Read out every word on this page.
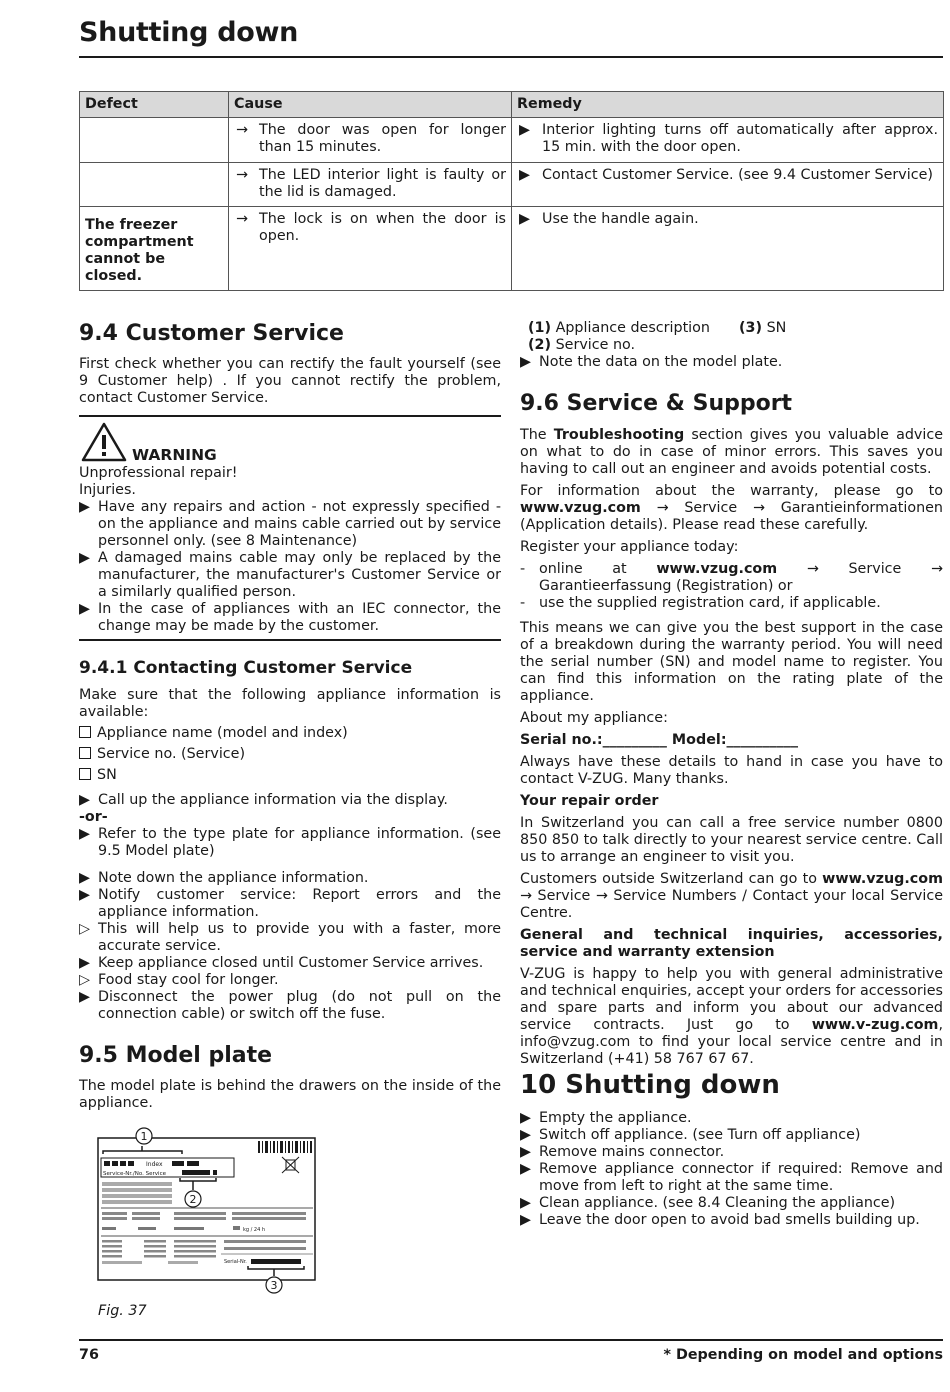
Shutting down
Defect	Cause	Remedy

	→ The door was open for longer than 15 minutes.	▶ Interior lighting turns off automatically after approx. 15 min. with the door open.

	→ The LED interior light is faulty or the lid is damaged.	▶ Contact Customer Service. (see 9.4 Customer Service)

The freezer compartment cannot be closed.	→ The lock is on when the door is open.	▶ Use the handle again.
9.4 Customer Service

First check whether you can rectify the fault yourself (see 9 Customer help) . If you cannot rectify the problem, contact Customer Service.

WARNING
Unprofessional repair!
Injuries.
▶ Have any repairs and action - not expressly specified - on the appliance and mains cable carried out by service personnel only. (see 8 Maintenance)
▶ A damaged mains cable may only be replaced by the manufacturer, the manufacturer's Customer Service or a similarly qualified person.
▶ In the case of appliances with an IEC connector, the change may be made by the customer.
9.4.1 Contacting Customer Service

Make sure that the following appliance information is available:

Appliance name (model and index)
Service no. (Service)
SN
▶ Call up the appliance information via the display.
-or-
▶ Refer to the type plate for appliance information. (see 9.5 Model plate)
▶ Note down the appliance information.
▶ Notify customer service: Report errors and the appliance information.
▷ This will help us to provide you with a faster, more accurate service.
▶ Keep appliance closed until Customer Service arrives.
▷ Food stay cool for longer.
▶ Disconnect the power plug (do not pull on the connection cable) or switch off the fuse.
9.5 Model plate

The model plate is behind the drawers on the inside of the appliance.

Index
Service-Nr./No. Service
kg / 24 h
Serial-Nr.
1
2
3
Fig. 37
(1) Appliance description (3) SN
(2) Service no.
▶ Note the data on the model plate.
9.6 Service & Support

The Troubleshooting section gives you valuable advice on what to do in case of minor errors. This saves you having to call out an engineer and avoids potential costs.

For information about the warranty, please go to www.vzug.com → Service → Garantieinformationen (Application details). Please read these carefully.

Register your appliance today:

- online at www.vzug.com → Service → Garantieerfassung (Registration) or
- use the supplied registration card, if applicable.

This means we can give you the best support in the case of a breakdown during the warranty period. You will need the serial number (SN) and model name to register. You can find this information on the rating plate of the appliance.

About my appliance:

Serial no.:_________ Model:__________

Always have these details to hand in case you have to contact V-ZUG. Many thanks.

Your repair order

In Switzerland you can call a free service number 0800 850 850 to talk directly to your nearest service centre. Call us to arrange an engineer to visit you.

Customers outside Switzerland can go to www.vzug.com → Service → Service Numbers / Contact your local Service Centre.

General and technical inquiries, accessories, service and warranty extension

V-ZUG is happy to help you with general administrative and technical enquiries, accept your orders for accessories and spare parts and inform you about our advanced service contracts. Just go to www.v-zug.com, info@vzug.com to find your local service centre and in Switzerland (+41) 58 767 67 67.

10 Shutting down
▶ Empty the appliance.
▶ Switch off appliance. (see Turn off appliance)
▶ Remove mains connector.
▶ Remove appliance connector if required: Remove and move from left to right at the same time.
▶ Clean appliance. (see 8.4 Cleaning the appliance)
▶ Leave the door open to avoid bad smells building up.
76	* Depending on model and options
